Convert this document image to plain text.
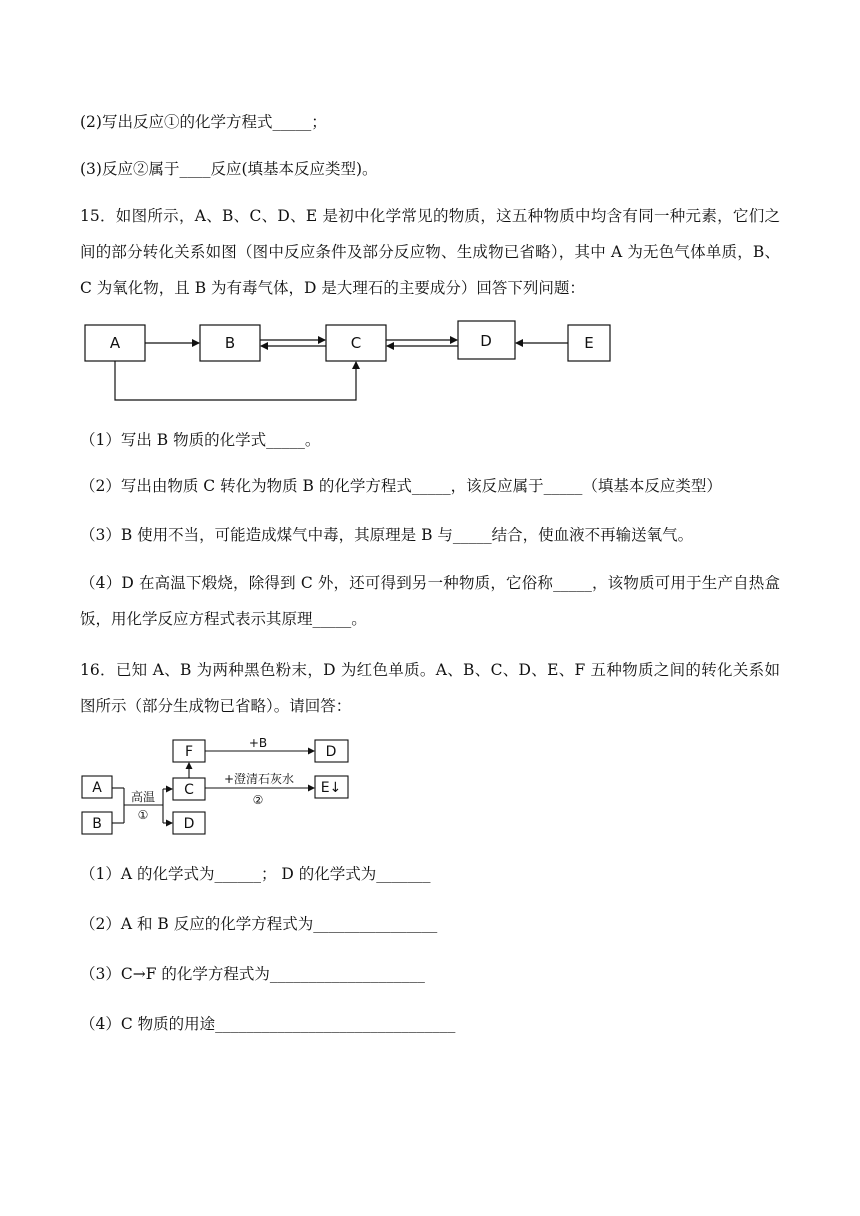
(2)写出反应①的化学方程式_____；
(3)反应②属于____反应(填基本反应类型)。
15．如图所示，A、B、C、D、E 是初中化学常见的物质，这五种物质中均含有同一种元素，它们之间的部分转化关系如图（图中反应条件及部分反应物、生成物已省略），其中 A 为无色气体单质，B、C 为氧化物，且 B 为有毒气体，D 是大理石的主要成分）回答下列问题：
A	B	C	D	E
（1）写出 B 物质的化学式_____。
（2）写出由物质 C 转化为物质 B 的化学方程式_____，该反应属于_____（填基本反应类型）
（3）B 使用不当，可能造成煤气中毒，其原理是 B 与_____结合，使血液不再输送氧气。
（4）D 在高温下煅烧，除得到 C 外，还可得到另一种物质，它俗称_____，该物质可用于生产自热盒饭，用化学反应方程式表示其原理_____。
16．已知 A、B 为两种黑色粉末，D 为红色单质。A、B、C、D、E、F 五种物质之间的转化关系如图所示（部分生成物已省略）。请回答：
A
B
C
D
F	D
E↓
高温
①
+B
+澄清石灰水
②
（1）A 的化学式为______； D 的化学式为_______
（2）A 和 B 反应的化学方程式为________________
（3）C→F 的化学方程式为____________________
（4）C 物质的用途_______________________________
